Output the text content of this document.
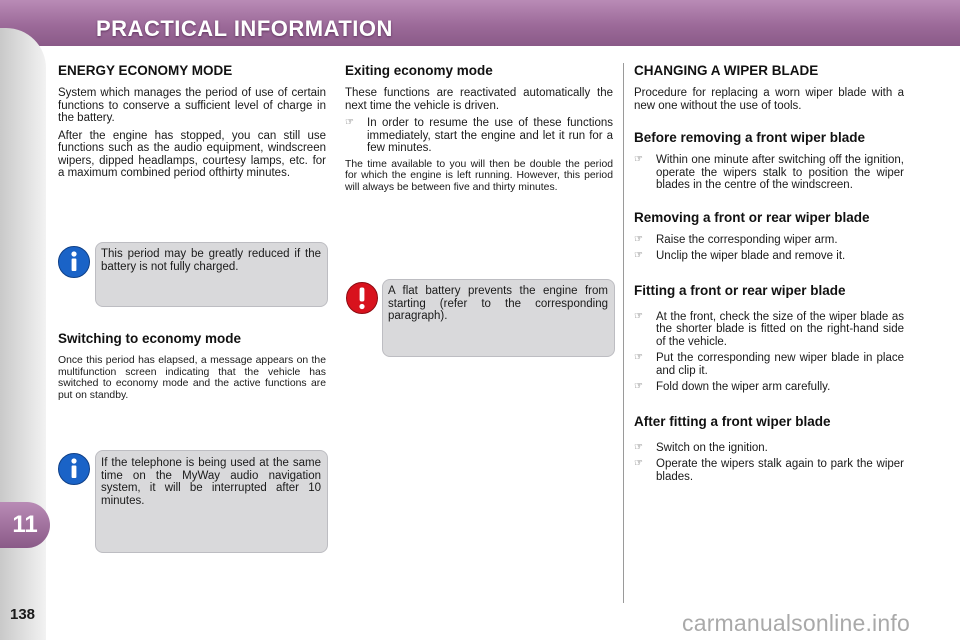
PRACTICAL INFORMATION
11
138
ENERGY ECONOMY MODE

System which manages the period of use of certain functions to conserve a sufficient level of charge in the battery.

After the engine has stopped, you can still use functions such as the audio equipment, windscreen wipers, dipped headlamps, courtesy lamps, etc. for a maximum combined period ofthirty minutes.

This period may be greatly reduced if the battery is not fully charged.
Switching to economy mode

Once this period has elapsed, a message appears on the multifunction screen indicating that the vehicle has switched to economy mode and the active functions are put on standby.

If the telephone is being used at the same time on the MyWay audio navigation system, it will be interrupted after 10 minutes.
Exiting economy mode

These functions are reactivated automatically the next time the vehicle is driven.

☞	In order to resume the use of these functions immediately, start the engine and let it run for a few minutes.

The time available to you will then be double the period for which the engine is left running. However, this period will always be between five and thirty minutes.

A flat battery prevents the engine from starting (refer to the corresponding paragraph).
CHANGING A WIPER BLADE

Procedure for replacing a worn wiper blade with a new one without the use of tools.

Before removing a front wiper blade
☞	Within one minute after switching off the ignition, operate the wipers stalk to position the wiper blades in the centre of the windscreen.
Removing a front or rear wiper blade
☞	Raise the corresponding wiper arm.
☞	Unclip the wiper blade and remove it.
Fitting a front or rear wiper blade
☞	At the front, check the size of the wiper blade as the shorter blade is fitted on the right-hand side of the vehicle.
☞	Put the corresponding new wiper blade in place and clip it.
☞	Fold down the wiper arm carefully.
After fitting a front wiper blade
☞	Switch on the ignition.
☞	Operate the wipers stalk again to park the wiper blades.
carmanualsonline.info
